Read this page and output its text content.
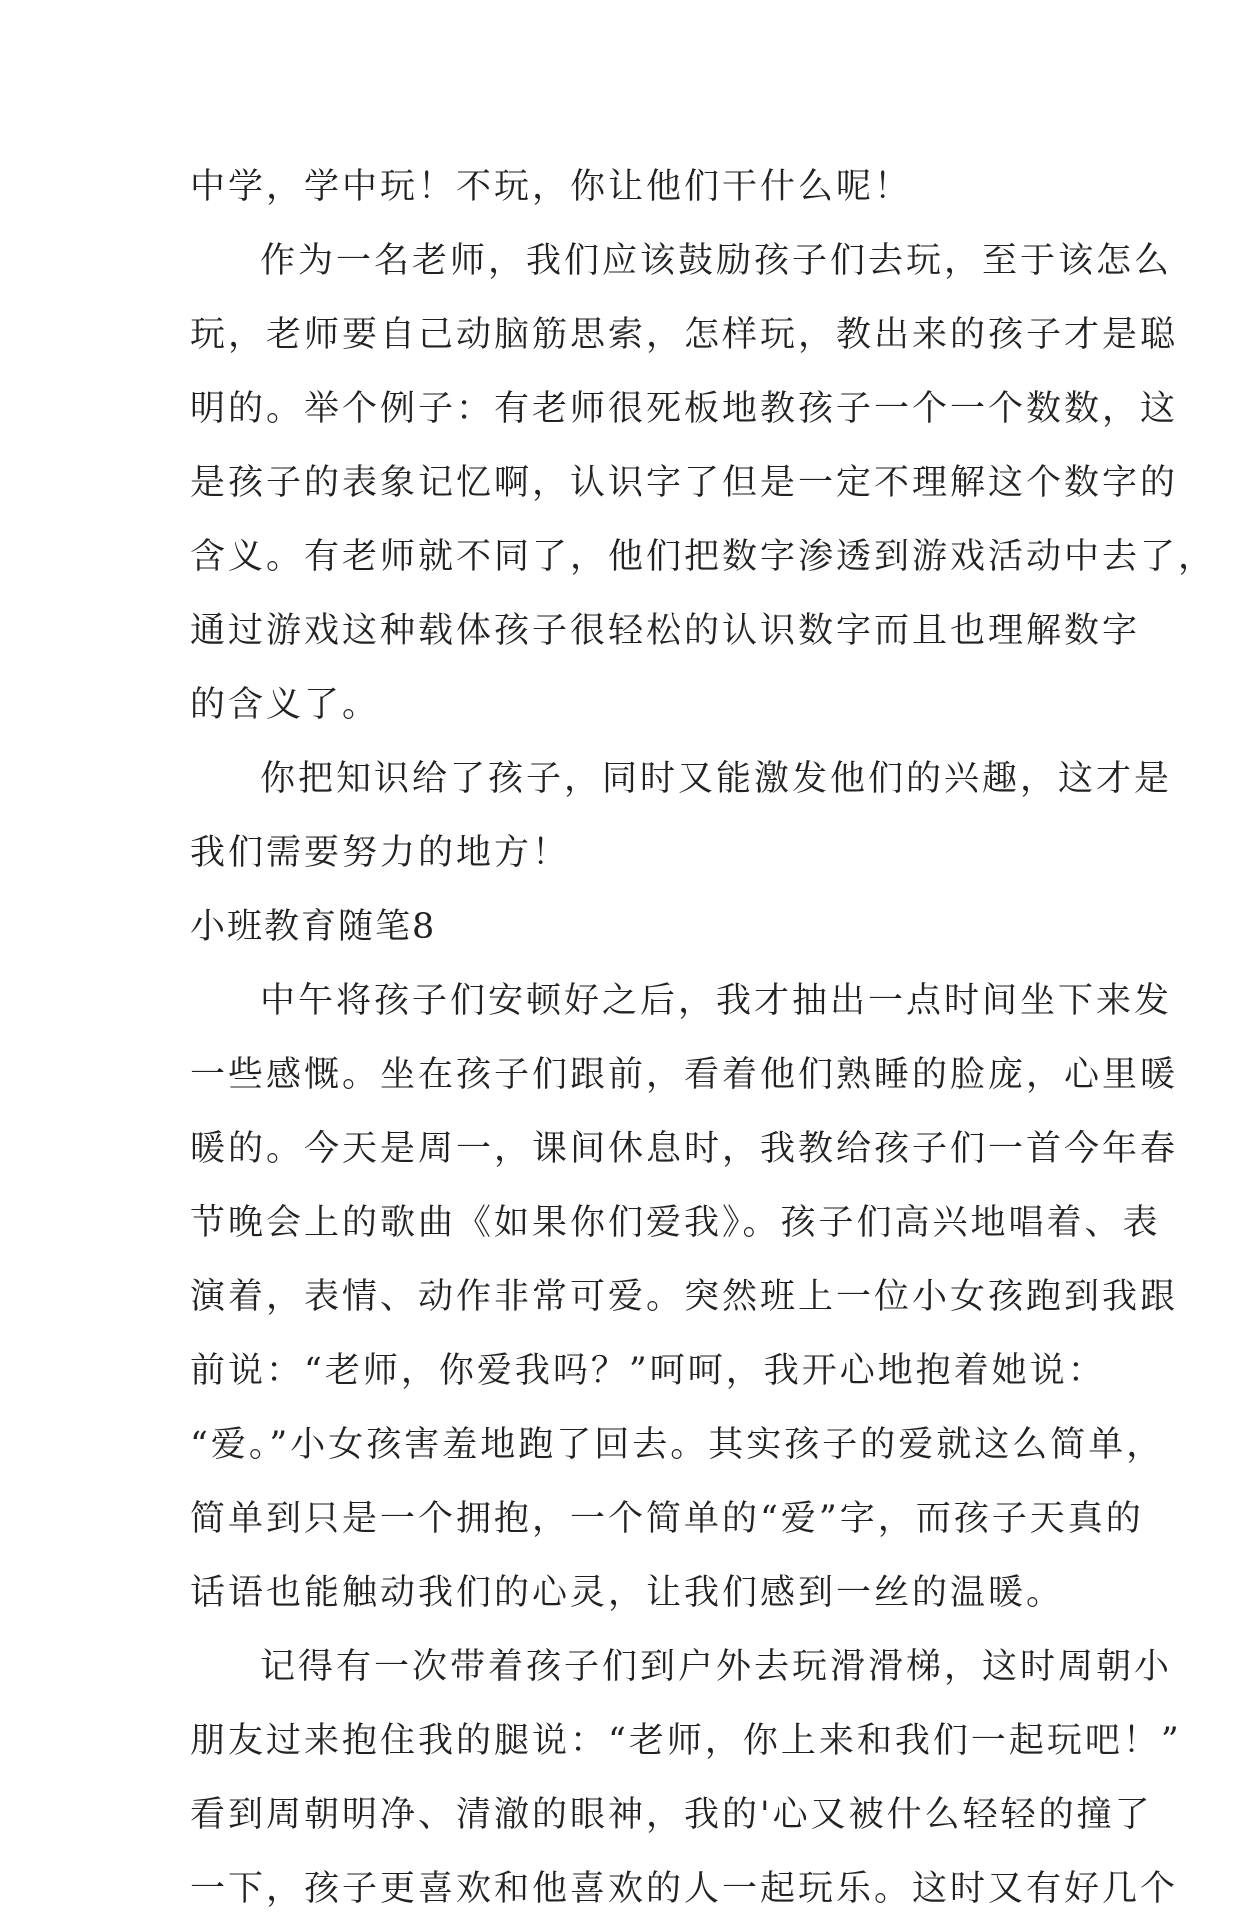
中学，学中玩！不玩，你让他们干什么呢！
作为一名老师，我们应该鼓励孩子们去玩，至于该怎么
玩，老师要自己动脑筋思索，怎样玩，教出来的孩子才是聪
明的。举个例子：有老师很死板地教孩子一个一个数数，这
是孩子的表象记忆啊，认识字了但是一定不理解这个数字的
含义。有老师就不同了，他们把数字渗透到游戏活动中去了，
通过游戏这种载体孩子很轻松的认识数字而且也理解数字
的含义了。
你把知识给了孩子，同时又能激发他们的兴趣，这才是
我们需要努力的地方！
小班教育随笔8
中午将孩子们安顿好之后，我才抽出一点时间坐下来发
一些感慨。坐在孩子们跟前，看着他们熟睡的脸庞，心里暖
暖的。今天是周一，课间休息时，我教给孩子们一首今年春
节晚会上的歌曲《如果你们爱我》。孩子们高兴地唱着、表
演着，表情、动作非常可爱。突然班上一位小女孩跑到我跟
前说：“老师，你爱我吗？”呵呵，我开心地抱着她说：
“爱。”小女孩害羞地跑了回去。其实孩子的爱就这么简单，
简单到只是一个拥抱，一个简单的“爱”字，而孩子天真的
话语也能触动我们的心灵，让我们感到一丝的温暖。
记得有一次带着孩子们到户外去玩滑滑梯，这时周朝小
朋友过来抱住我的腿说：“老师，你上来和我们一起玩吧！”
看到周朝明净、清澈的眼神，我的'心又被什么轻轻的撞了
一下，孩子更喜欢和他喜欢的人一起玩乐。这时又有好几个
